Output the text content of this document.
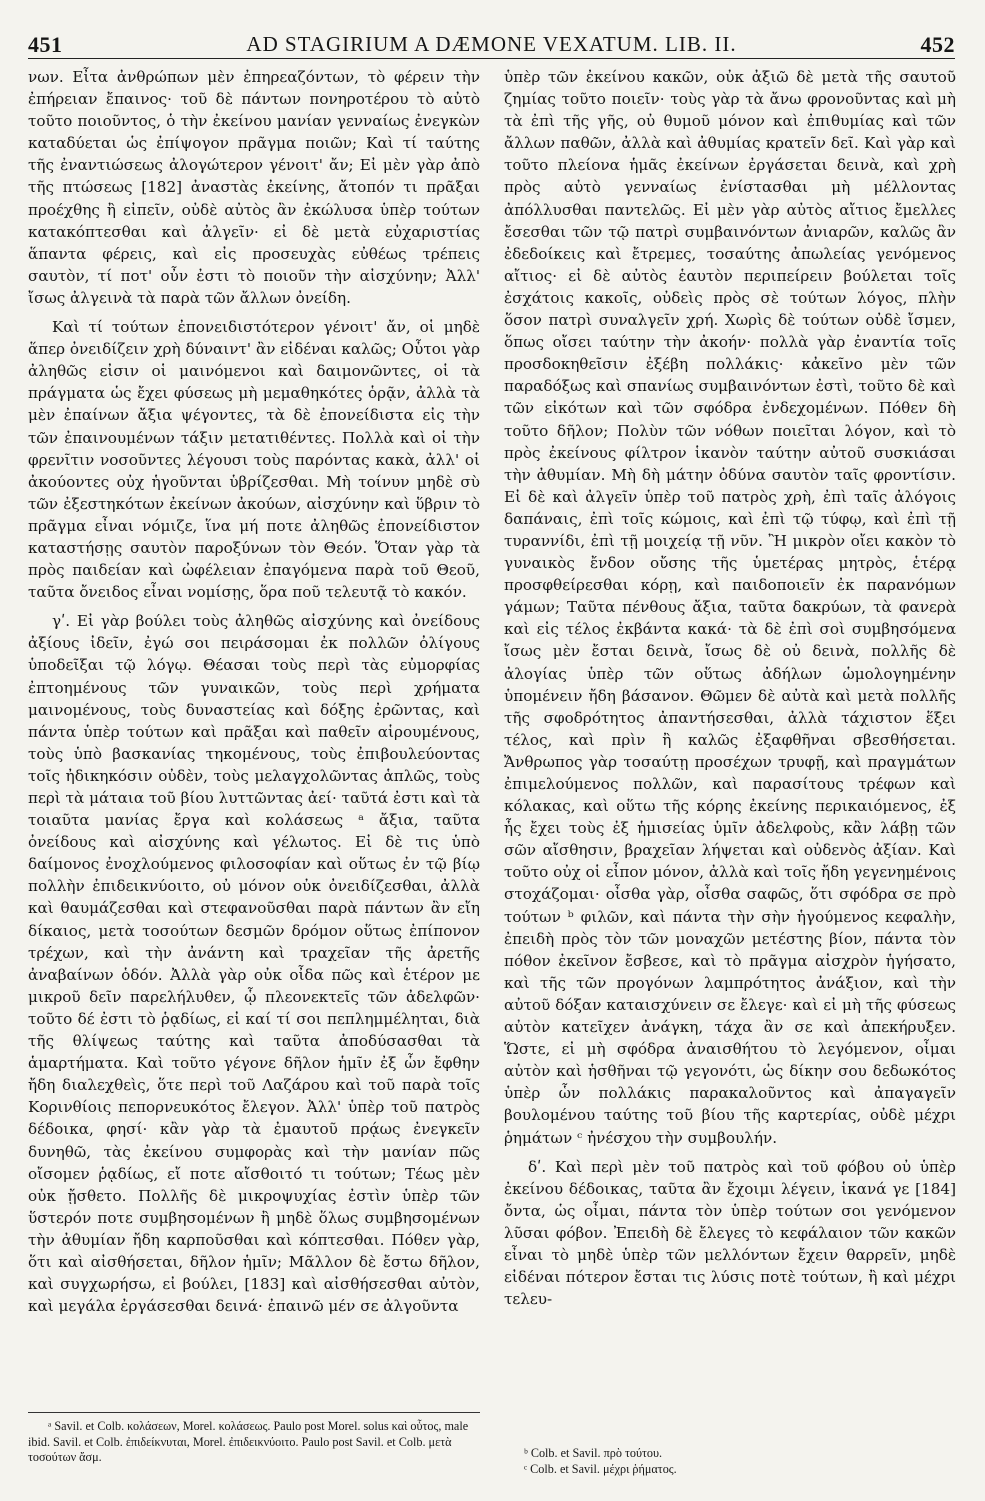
451	AD STAGIRIUM A DÆMONE VEXATUM. LIB. II.	452

νων. Εἶτα ἀνθρώπων μὲν ἐπηρεαζόντων, τὸ φέρειν τὴν ἐπήρειαν ἔπαινος· τοῦ δὲ πάντων πονηροτέρου τὸ αὐτὸ τοῦτο ποιοῦντος, ὁ τὴν ἐκείνου μανίαν γενναίως ἐνεγκὼν καταδύεται ὡς ἐπίψογον πρᾶγμα ποιῶν; Καὶ τί ταύτης τῆς ἐναντιώσεως ἀλογώτερον γένοιτ' ἄν; Εἰ μὲν γὰρ ἀπὸ τῆς πτώσεως [182] ἀναστὰς ἐκείνης, ἄτοπόν τι πρᾶξαι προέχθης ἢ εἰπεῖν, οὐδὲ αὐτὸς ἂν ἐκώλυσα ὑπὲρ τούτων κατακόπτεσθαι καὶ ἀλγεῖν· εἰ δὲ μετὰ εὐχαριστίας ἅπαντα φέρεις, καὶ εἰς προσευχὰς εὐθέως τρέπεις σαυτὸν, τί ποτ' οὖν ἐστι τὸ ποιοῦν τὴν αἰσχύνην; Ἀλλ' ἴσως ἀλγεινὰ τὰ παρὰ τῶν ἄλλων ὀνείδη.

Καὶ τί τούτων ἐπονειδιστότερον γένοιτ' ἄν, οἱ μηδὲ ἅπερ ὀνειδίζειν χρὴ δύναιντ' ἂν εἰδέναι καλῶς; Οὗτοι γὰρ ἀληθῶς εἰσιν οἱ μαινόμενοι καὶ δαιμονῶντες, οἱ τὰ πράγματα ὡς ἔχει φύσεως μὴ μεμαθηκότες ὁρᾷν, ἀλλὰ τὰ μὲν ἐπαίνων ἄξια ψέγοντες, τὰ δὲ ἐπονείδιστα εἰς τὴν τῶν ἐπαινουμένων τάξιν μετατιθέντες. Πολλὰ καὶ οἱ τὴν φρενῖτιν νοσοῦντες λέγουσι τοὺς παρόντας κακὰ, ἀλλ' οἱ ἀκούοντες οὐχ ἡγοῦνται ὑβρίζεσθαι. Μὴ τοίνυν μηδὲ σὺ τῶν ἐξεστηκότων ἐκείνων ἀκούων, αἰσχύνην καὶ ὕβριν τὸ πρᾶγμα εἶναι νόμιζε, ἵνα μή ποτε ἀληθῶς ἐπονείδιστον καταστήσῃς σαυτὸν παροξύνων τὸν Θεόν. Ὅταν γὰρ τὰ πρὸς παιδείαν καὶ ὠφέλειαν ἐπαγόμενα παρὰ τοῦ Θεοῦ, ταῦτα ὄνειδος εἶναι νομίσῃς, ὅρα ποῦ τελευτᾷ τὸ κακόν.

γʹ. Εἰ γὰρ βούλει τοὺς ἀληθῶς αἰσχύνης καὶ ὀνείδους ἀξίους ἰδεῖν, ἐγώ σοι πειράσομαι ἐκ πολλῶν ὀλίγους ὑποδεῖξαι τῷ λόγῳ. Θέασαι τοὺς περὶ τὰς εὐμορφίας ἐπτοημένους τῶν γυναικῶν, τοὺς περὶ χρήματα μαινομένους, τοὺς δυναστείας καὶ δόξης ἐρῶντας, καὶ πάντα ὑπὲρ τούτων καὶ πρᾶξαι καὶ παθεῖν αἱρουμένους, τοὺς ὑπὸ βασκανίας τηκομένους, τοὺς ἐπιβουλεύοντας τοῖς ἠδικηκόσιν οὐδὲν, τοὺς μελαγχολῶντας ἁπλῶς, τοὺς περὶ τὰ μάταια τοῦ βίου λυττῶντας ἀεί· ταῦτά ἐστι καὶ τὰ τοιαῦτα μανίας ἔργα καὶ κολάσεως ᵃ ἄξια, ταῦτα ὀνείδους καὶ αἰσχύνης καὶ γέλωτος. Εἰ δὲ τις ὑπὸ δαίμονος ἐνοχλούμενος φιλοσοφίαν καὶ οὕτως ἐν τῷ βίῳ πολλὴν ἐπιδεικνύοιτο, οὐ μόνον οὐκ ὀνειδίζεσθαι, ἀλλὰ καὶ θαυμάζεσθαι καὶ στεφανοῦσθαι παρὰ πάντων ἂν εἴη δίκαιος, μετὰ τοσούτων δεσμῶν δρόμον οὕτως ἐπίπονον τρέχων, καὶ τὴν ἀνάντη καὶ τραχεῖαν τῆς ἀρετῆς ἀναβαίνων ὁδόν. Ἀλλὰ γὰρ οὐκ οἶδα πῶς καὶ ἑτέρον με μικροῦ δεῖν παρελήλυθεν, ᾧ πλεονεκτεῖς τῶν ἀδελφῶν· τοῦτο δέ ἐστι τὸ ῥᾳδίως, εἰ καί τί σοι πεπλημμέληται, διὰ τῆς θλίψεως ταύτης καὶ ταῦτα ἀποδύσασθαι τὰ ἁμαρτήματα. Καὶ τοῦτο γέγονε δῆλον ἡμῖν ἐξ ὧν ἔφθην ἤδη διαλεχθεὶς, ὅτε περὶ τοῦ Λαζάρου καὶ τοῦ παρὰ τοῖς Κορινθίοις πεπορνευκότος ἔλεγον. Ἀλλ' ὑπὲρ τοῦ πατρὸς δέδοικα, φησί· κἂν γὰρ τὰ ἐμαυτοῦ πρᾴως ἐνεγκεῖν δυνηθῶ, τὰς ἐκείνου συμφορὰς καὶ τὴν μανίαν πῶς οἴσομεν ῥᾳδίως, εἴ ποτε αἴσθοιτό τι τούτων; Τέως μὲν οὐκ ᾔσθετο. Πολλῆς δὲ μικροψυχίας ἐστὶν ὑπὲρ τῶν ὕστερόν ποτε συμβησομένων ἢ μηδὲ ὅλως συμβησομένων τὴν ἀθυμίαν ἤδη καρποῦσθαι καὶ κόπτεσθαι. Πόθεν γὰρ, ὅτι καὶ αἰσθήσεται, δῆλον ἡμῖν; Μᾶλλον δὲ ἔστω δῆλον, καὶ συγχωρήσω, εἰ βούλει, [183] καὶ αἰσθήσεσθαι αὐτὸν, καὶ μεγάλα ἐργάσεσθαι δεινά· ἐπαινῶ μέν σε ἀλγοῦντα

ὑπὲρ τῶν ἐκείνου κακῶν, οὐκ ἀξιῶ δὲ μετὰ τῆς σαυτοῦ ζημίας τοῦτο ποιεῖν· τοὺς γὰρ τὰ ἄνω φρονοῦντας καὶ μὴ τὰ ἐπὶ τῆς γῆς, οὐ θυμοῦ μόνον καὶ ἐπιθυμίας καὶ τῶν ἄλλων παθῶν, ἀλλὰ καὶ ἀθυμίας κρατεῖν δεῖ. Καὶ γὰρ καὶ τοῦτο πλείονα ἡμᾶς ἐκείνων ἐργάσεται δεινὰ, καὶ χρὴ πρὸς αὐτὸ γενναίως ἐνίστασθαι μὴ μέλλοντας ἀπόλλυσθαι παντελῶς. Εἰ μὲν γὰρ αὐτὸς αἴτιος ἔμελλες ἔσεσθαι τῶν τῷ πατρὶ συμβαινόντων ἀνιαρῶν, καλῶς ἂν ἐδεδοίκεις καὶ ἔτρεμες, τοσαύτης ἀπωλείας γενόμενος αἴτιος· εἰ δὲ αὐτὸς ἑαυτὸν περιπείρειν βούλεται τοῖς ἐσχάτοις κακοῖς, οὐδεὶς πρὸς σὲ τούτων λόγος, πλὴν ὅσον πατρὶ συναλγεῖν χρή. Χωρὶς δὲ τούτων οὐδὲ ἴσμεν, ὅπως οἴσει ταύτην τὴν ἀκοήν· πολλὰ γὰρ ἐναντία τοῖς προσδοκηθεῖσιν ἐξέβη πολλάκις· κἀκεῖνο μὲν τῶν παραδόξως καὶ σπανίως συμβαινόντων ἐστὶ, τοῦτο δὲ καὶ τῶν εἰκότων καὶ τῶν σφόδρα ἐνδεχομένων. Πόθεν δὴ τοῦτο δῆλον; Πολὺν τῶν νόθων ποιεῖται λόγον, καὶ τὸ πρὸς ἐκείνους φίλτρον ἱκανὸν ταύτην αὐτοῦ συσκιάσαι τὴν ἀθυμίαν. Μὴ δὴ μάτην ὀδύνα σαυτὸν ταῖς φροντίσιν. Εἰ δὲ καὶ ἀλγεῖν ὑπὲρ τοῦ πατρὸς χρὴ, ἐπὶ ταῖς ἀλόγοις δαπάναις, ἐπὶ τοῖς κώμοις, καὶ ἐπὶ τῷ τύφῳ, καὶ ἐπὶ τῇ τυραννίδι, ἐπὶ τῇ μοιχείᾳ τῇ νῦν. Ἢ μικρὸν οἴει κακὸν τὸ γυναικὸς ἔνδον οὔσης τῆς ὑμετέρας μητρὸς, ἑτέρᾳ προσφθείρεσθαι κόρῃ, καὶ παιδοποιεῖν ἐκ παρανόμων γάμων; Ταῦτα πένθους ἄξια, ταῦτα δακρύων, τὰ φανερὰ καὶ εἰς τέλος ἐκβάντα κακά· τὰ δὲ ἐπὶ σοὶ συμβησόμενα ἴσως μὲν ἔσται δεινὰ, ἴσως δὲ οὐ δεινὰ, πολλῆς δὲ ἀλογίας ὑπὲρ τῶν οὕτως ἀδήλων ὡμολογημένην ὑπομένειν ἤδη βάσανον. Θῶμεν δὲ αὐτὰ καὶ μετὰ πολλῆς τῆς σφοδρότητος ἀπαντήσεσθαι, ἀλλὰ τάχιστον ἕξει τέλος, καὶ πρὶν ἢ καλῶς ἐξαφθῆναι σβεσθήσεται. Ἄνθρωπος γὰρ τοσαύτῃ προσέχων τρυφῇ, καὶ πραγμάτων ἐπιμελούμενος πολλῶν, καὶ παρασίτους τρέφων καὶ κόλακας, καὶ οὕτω τῆς κόρης ἐκείνης περικαιόμενος, ἐξ ἧς ἔχει τοὺς ἐξ ἡμισείας ὑμῖν ἀδελφοὺς, κἂν λάβῃ τῶν σῶν αἴσθησιν, βραχεῖαν λήψεται καὶ οὐδενὸς ἀξίαν. Καὶ τοῦτο οὐχ οἱ εἶπον μόνον, ἀλλὰ καὶ τοῖς ἤδη γεγενημένοις στοχάζομαι· οἶσθα γὰρ, οἶσθα σαφῶς, ὅτι σφόδρα σε πρὸ τούτων ᵇ φιλῶν, καὶ πάντα τὴν σὴν ἡγούμενος κεφαλὴν, ἐπειδὴ πρὸς τὸν τῶν μοναχῶν μετέστης βίον, πάντα τὸν πόθον ἐκεῖνον ἔσβεσε, καὶ τὸ πρᾶγμα αἰσχρὸν ἡγήσατο, καὶ τῆς τῶν προγόνων λαμπρότητος ἀνάξιον, καὶ τὴν αὐτοῦ δόξαν καταισχύνειν σε ἔλεγε· καὶ εἰ μὴ τῆς φύσεως αὐτὸν κατεῖχεν ἀνάγκη, τάχα ἂν σε καὶ ἀπεκήρυξεν. Ὥστε, εἰ μὴ σφόδρα ἀναισθήτου τὸ λεγόμενον, οἶμαι αὐτὸν καὶ ἡσθῆναι τῷ γεγονότι, ὡς δίκην σου δεδωκότος ὑπὲρ ὧν πολλάκις παρακαλοῦντος καὶ ἀπαγαγεῖν βουλομένου ταύτης τοῦ βίου τῆς καρτερίας, οὐδὲ μέχρι ῥημάτων ᶜ ἠνέσχου τὴν συμβουλήν.

δʹ. Καὶ περὶ μὲν τοῦ πατρὸς καὶ τοῦ φόβου οὐ ὑπὲρ ἐκείνου δέδοικας, ταῦτα ἂν ἔχοιμι λέγειν, ἱκανά γε [184] ὄντα, ὡς οἶμαι, πάντα τὸν ὑπὲρ τούτων σοι γενόμενον λῦσαι φόβον. Ἐπειδὴ δὲ ἔλεγες τὸ κεφάλαιον τῶν κακῶν εἶναι τὸ μηδὲ ὑπὲρ τῶν μελλόντων ἔχειν θαρρεῖν, μηδὲ εἰδέναι πότερον ἔσται τις λύσις ποτὲ τούτων, ἢ καὶ μέχρι τελευ-

ᵃ Savil. et Colb. κολάσεων, Morel. κολάσεως. Paulo post Morel. solus καὶ οὗτος, male ibid. Savil. et Colb. ἐπιδείκνυται, Morel. ἐπιδεικνύοιτο. Paulo post Savil. et Colb. μετὰ τοσούτων ἄσμ.	ᵇ Colb. et Savil. πρὸ τούτου.
ᶜ Colb. et Savil. μέχρι ῥήματος.
